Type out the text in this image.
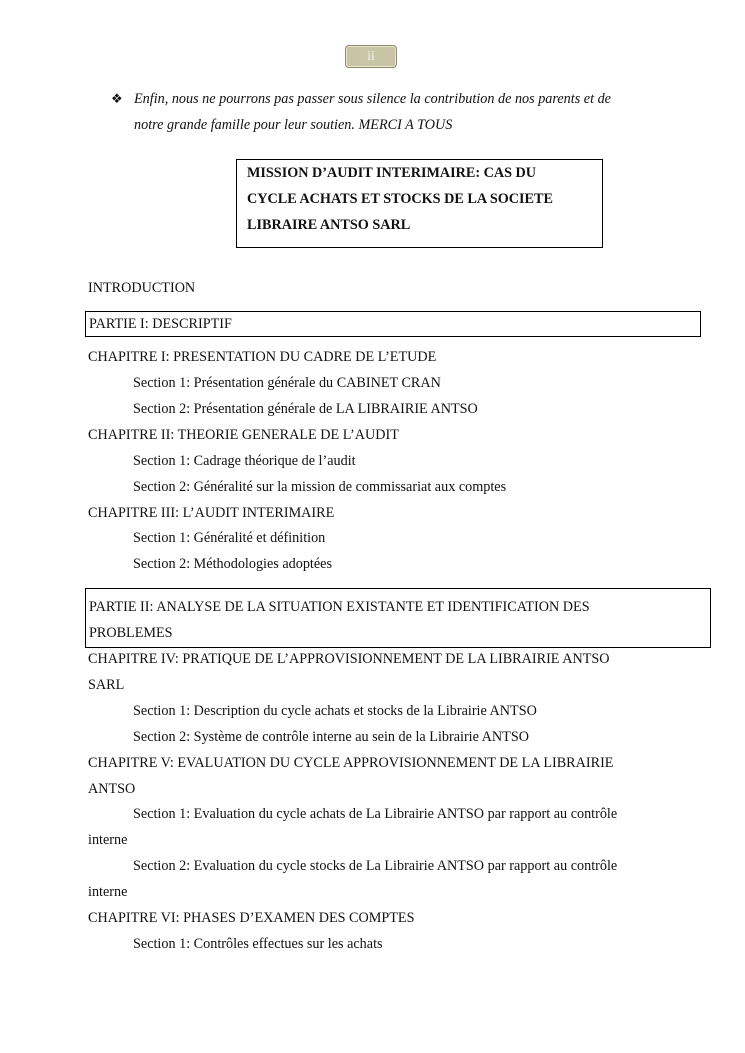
ii
❖ Enfin, nous ne pourrons pas passer sous silence la contribution de nos parents et de
notre grande famille pour leur soutien. MERCI A TOUS
MISSION D’AUDIT INTERIMAIRE: CAS DU
CYCLE ACHATS ET STOCKS DE LA SOCIETE
LIBRAIRE ANTSO SARL
INTRODUCTION
PARTIE I: DESCRIPTIF
CHAPITRE I: PRESENTATION DU CADRE DE L’ETUDE
Section 1: Présentation générale du CABINET CRAN
Section 2: Présentation générale de LA LIBRAIRIE ANTSO
CHAPITRE II: THEORIE GENERALE DE L’AUDIT
Section 1: Cadrage théorique de l’audit
Section 2: Généralité sur la mission de commissariat aux comptes
CHAPITRE III: L’AUDIT INTERIMAIRE
Section 1: Généralité et définition
Section 2: Méthodologies adoptées
PARTIE II: ANALYSE DE LA SITUATION EXISTANTE ET IDENTIFICATION DES
PROBLEMES
CHAPITRE IV: PRATIQUE DE L’APPROVISIONNEMENT DE LA LIBRAIRIE ANTSO
SARL
Section 1: Description du cycle achats et stocks de la Librairie ANTSO
Section 2: Système de contrôle interne au sein de la Librairie ANTSO
CHAPITRE V: EVALUATION DU CYCLE APPROVISIONNEMENT DE LA LIBRAIRIE
ANTSO
Section 1: Evaluation du cycle achats de La Librairie ANTSO par rapport au contrôle
interne
Section 2: Evaluation du cycle stocks de La Librairie ANTSO par rapport au contrôle
interne
CHAPITRE VI: PHASES D’EXAMEN DES COMPTES
Section 1: Contrôles effectues sur les achats
